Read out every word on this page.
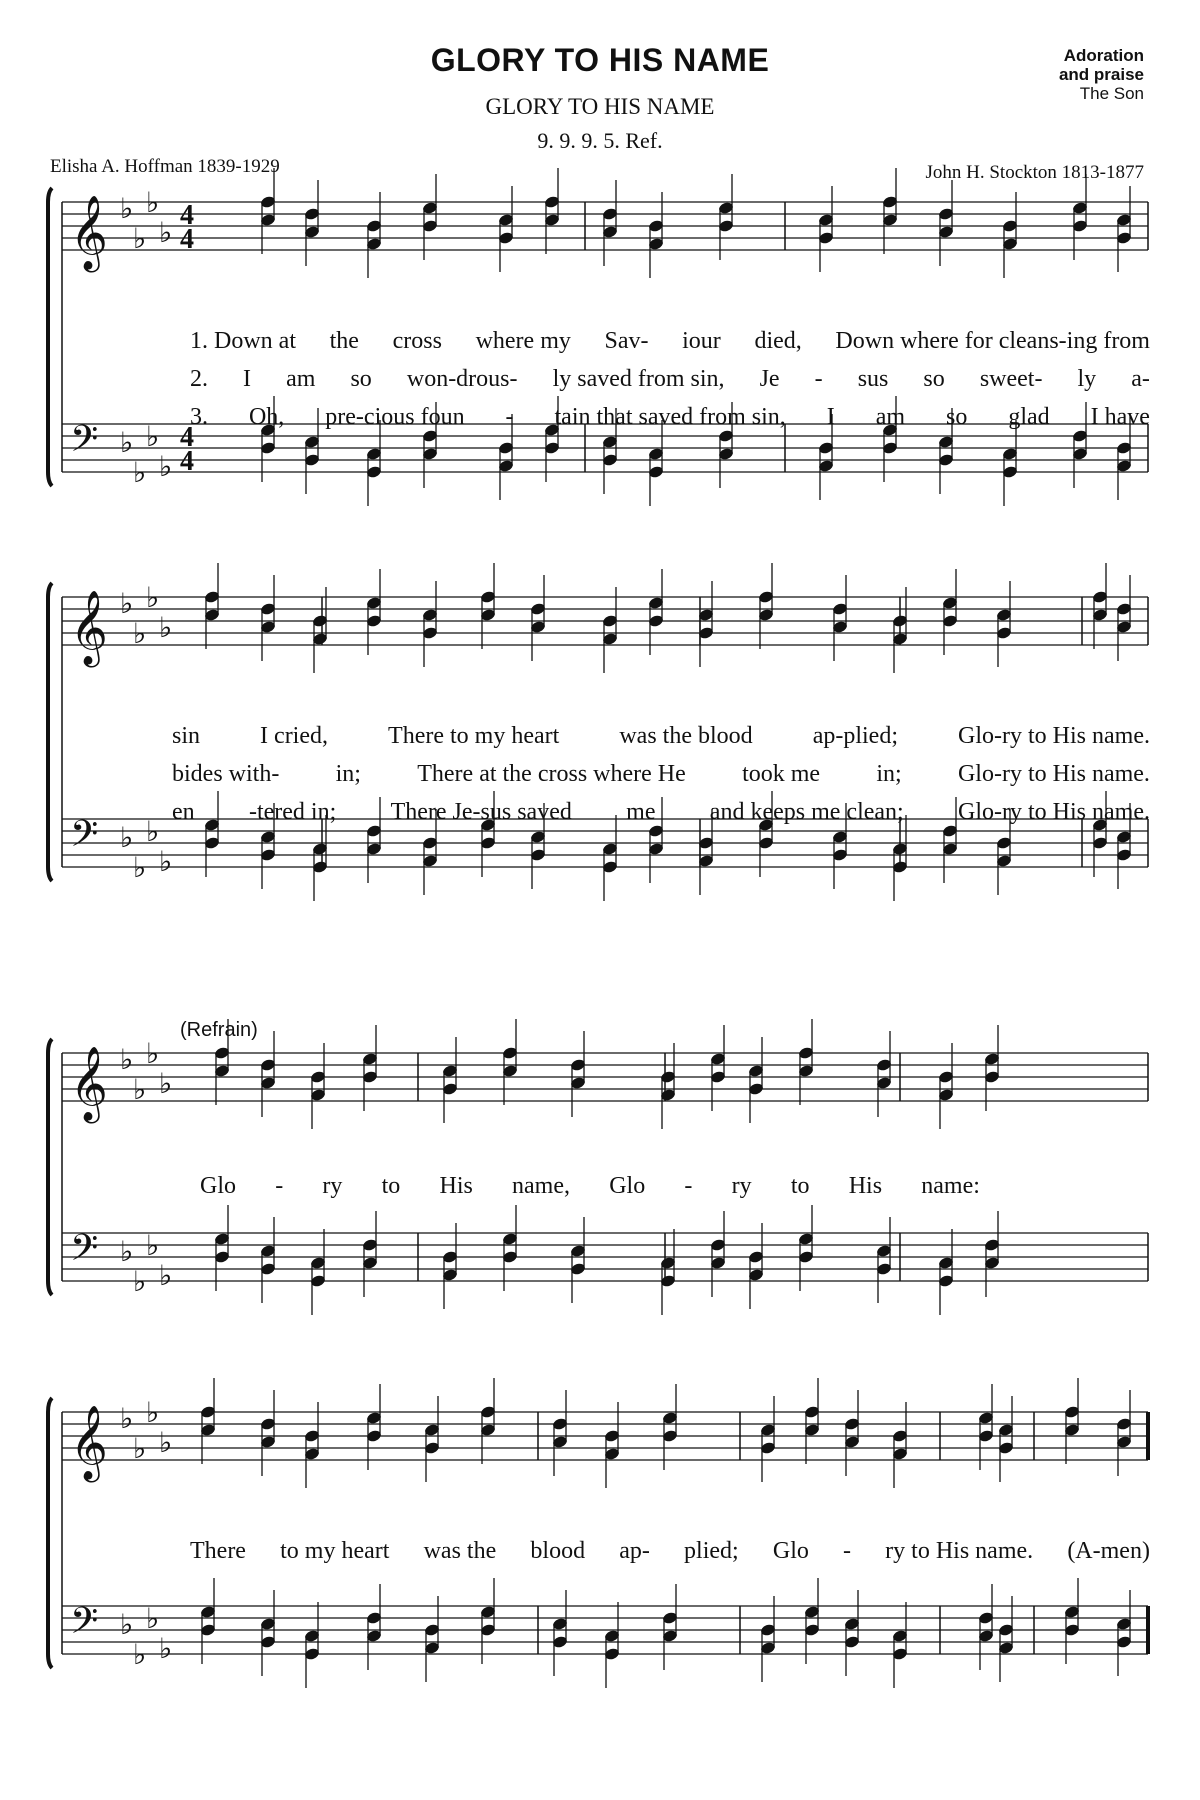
GLORY TO HIS NAME
GLORY TO HIS NAME
9. 9. 9. 5. Ref.
Adoration
and praise
The Son
Elisha A. Hoffman 1839-1929	John H. Stockton 1813-1877
𝄞 ♭
♭
♭
♭
4
4
𝄢 ♭
♭
♭
♭
4
4
1. Down at the cross where my Sav- iour died, Down where for cleans-ing from
2. I am so won-drous- ly saved from sin, Je - sus so sweet- ly a-
3. Oh, pre-cious foun - tain that saved from sin, I am so glad I have
𝄞 ♭
♭
♭
♭
𝄢 ♭
♭
♭
♭
sin	I cried,	There to my heart	was the blood	ap-plied;	Glo-ry to His name.
bides with- in; There at the cross where He took me in; Glo-ry to His name.
en -tered in; There Je-sus saved me and keeps me clean; Glo-ry to His name.
(Refrain)
𝄞 ♭
♭
♭
♭
𝄢 ♭
♭
♭
♭
Glo - ry to His name, Glo - ry to His name:
𝄞 ♭
♭
♭
♭
𝄢 ♭
♭
♭
♭
There to my heart was the blood ap- plied; Glo - ry to His name. (A-men)
